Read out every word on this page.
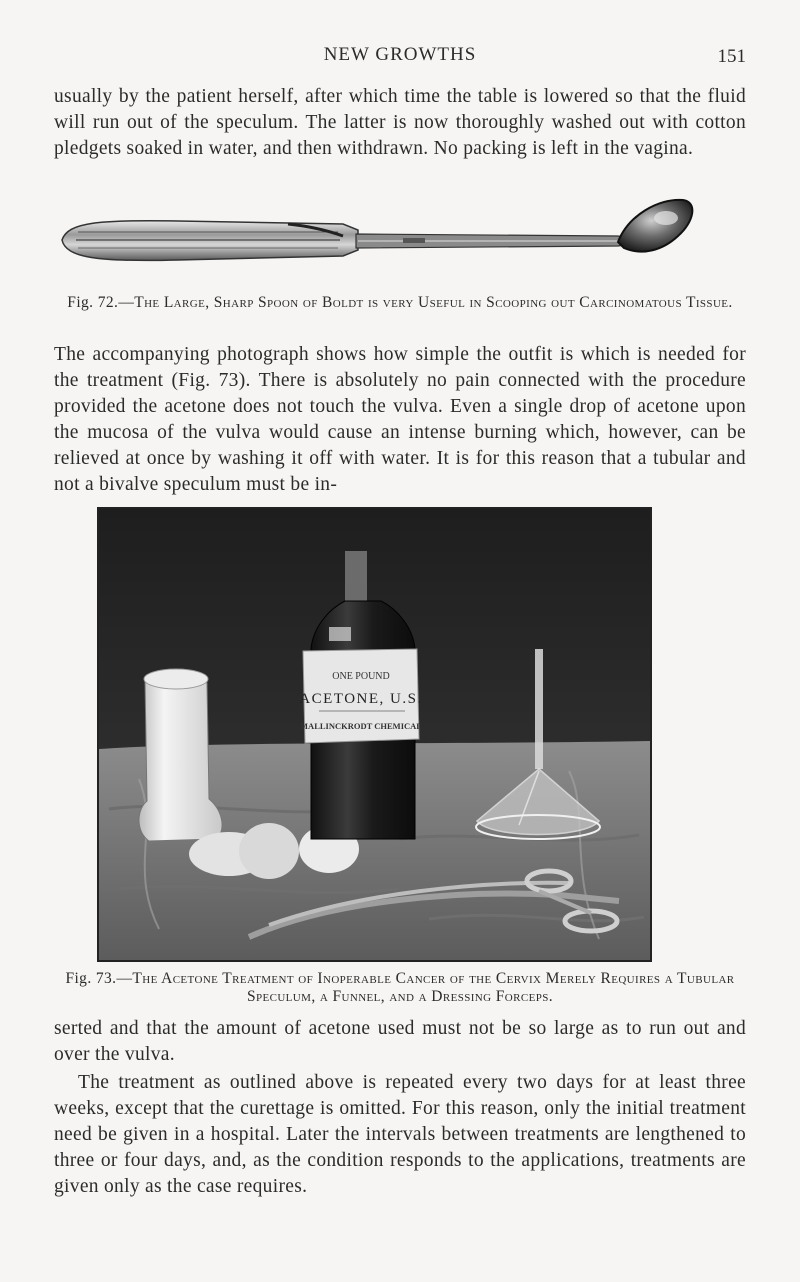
NEW GROWTHS	151

usually by the patient herself, after which time the table is lowered so that the fluid will run out of the speculum. The latter is now thoroughly washed out with cotton pledgets soaked in water, and then withdrawn. No packing is left in the vagina.

Fig. 72.—The Large, Sharp Spoon of Boldt is very Useful in Scooping out Carcinomatous Tissue.

The accompanying photograph shows how simple the outfit is which is needed for the treatment (Fig. 73). There is absolutely no pain connected with the procedure provided the acetone does not touch the vulva. Even a single drop of acetone upon the mucosa of the vulva would cause an intense burning which, however, can be relieved at once by washing it off with water. It is for this reason that a tubular and not a bivalve speculum must be in-

ONE POUND
ACETONE, U.S.
MALLINCKRODT CHEMICAL

Fig. 73.—The Acetone Treatment of Inoperable Cancer of the Cervix Merely Requires a Tubular Speculum, a Funnel, and a Dressing Forceps.

serted and that the amount of acetone used must not be so large as to run out and over the vulva.

The treatment as outlined above is repeated every two days for at least three weeks, except that the curettage is omitted. For this reason, only the initial treatment need be given in a hospital. Later the intervals between treatments are lengthened to three or four days, and, as the condition responds to the applications, treatments are given only as the case requires.
